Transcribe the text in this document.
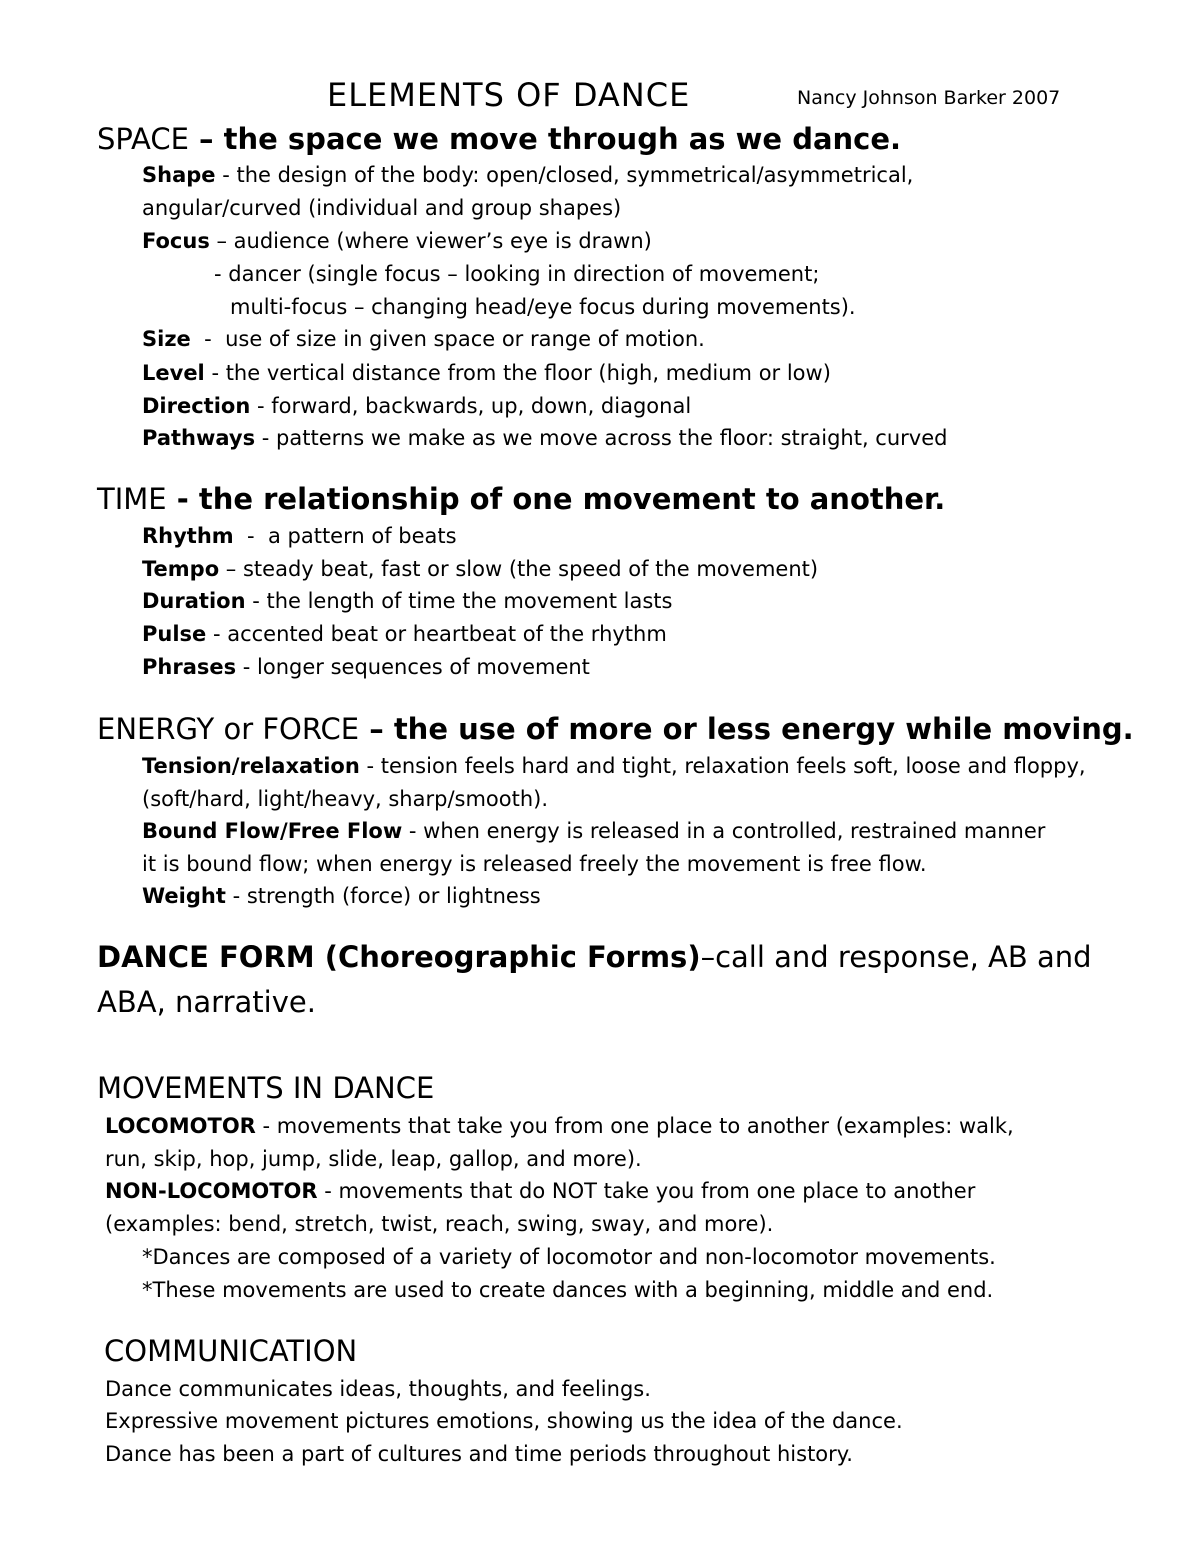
ELEMENTS OF DANCE	Nancy Johnson Barker 2007
SPACE – the space we move through as we dance.
Shape - the design of the body: open/closed, symmetrical/asymmetrical,
angular/curved (individual and group shapes)
Focus – audience (where viewer’s eye is drawn)
- dancer (single focus – looking in direction of movement;
multi-focus – changing head/eye focus during movements).
Size  -  use of size in given space or range of motion.
Level - the vertical distance from the floor (high, medium or low)
Direction - forward, backwards, up, down, diagonal
Pathways - patterns we make as we move across the floor: straight, curved
TIME - the relationship of one movement to another.
Rhythm  -  a pattern of beats
Tempo – steady beat, fast or slow (the speed of the movement)
Duration - the length of time the movement lasts
Pulse - accented beat or heartbeat of the rhythm
Phrases - longer sequences of movement
ENERGY or FORCE – the use of more or less energy while moving.
Tension/relaxation - tension feels hard and tight, relaxation feels soft, loose and floppy,
(soft/hard, light/heavy, sharp/smooth).
Bound Flow/Free Flow - when energy is released in a controlled, restrained manner
it is bound flow; when energy is released freely the movement is free flow.
Weight - strength (force) or lightness
DANCE FORM (Choreographic Forms)–call and response, AB and
ABA, narrative.
MOVEMENTS IN DANCE
LOCOMOTOR - movements that take you from one place to another (examples: walk,
run, skip, hop, jump, slide, leap, gallop, and more).
NON-LOCOMOTOR - movements that do NOT take you from one place to another
(examples: bend, stretch, twist, reach, swing, sway, and more).
*Dances are composed of a variety of locomotor and non-locomotor movements.
*These movements are used to create dances with a beginning, middle and end.
COMMUNICATION
Dance communicates ideas, thoughts, and feelings.
Expressive movement pictures emotions, showing us the idea of the dance.
Dance has been a part of cultures and time periods throughout history.
